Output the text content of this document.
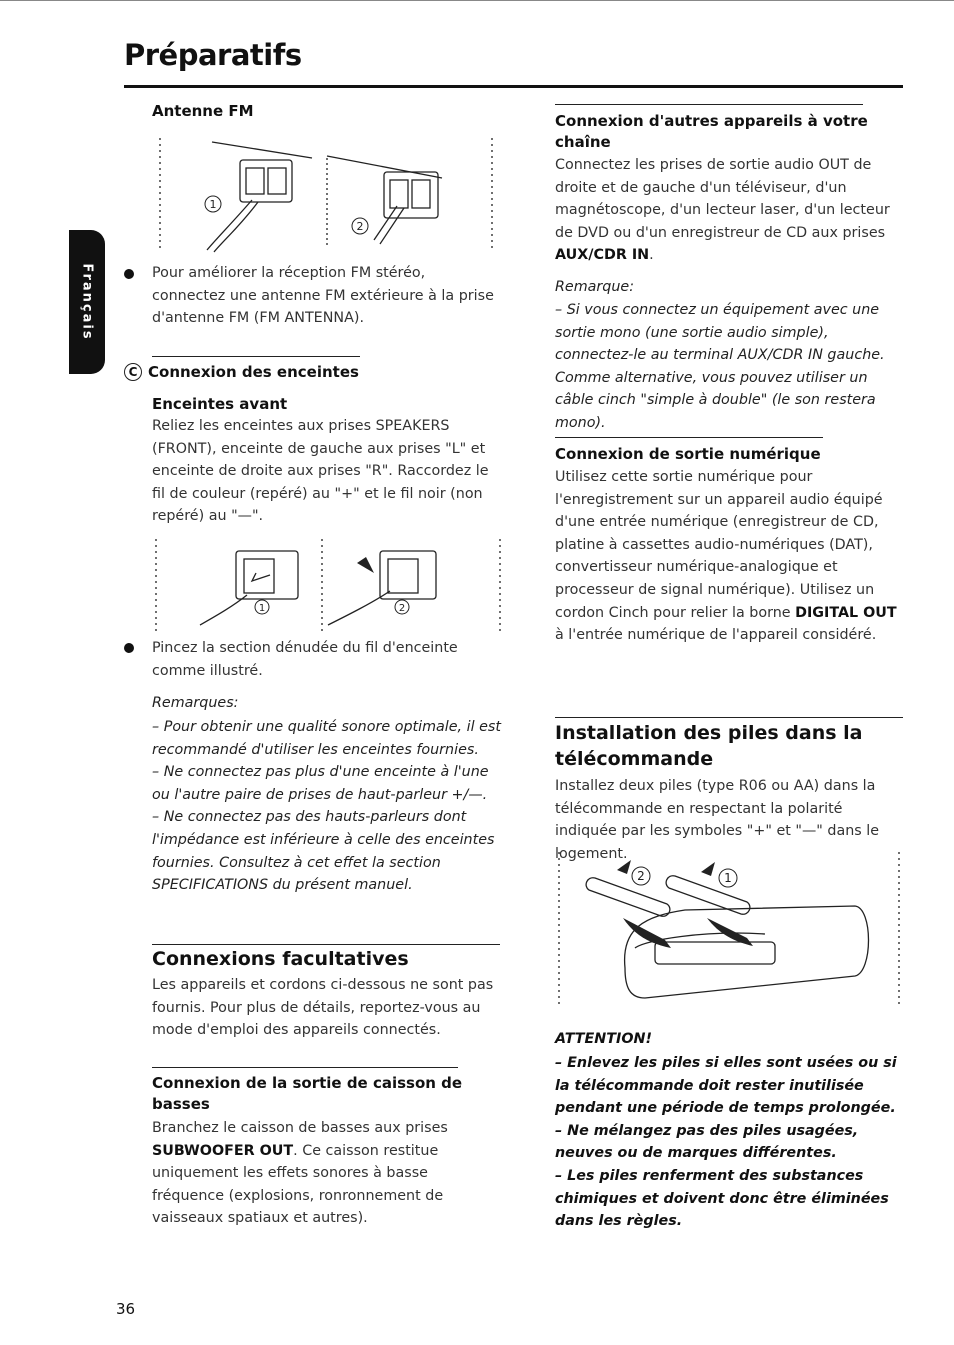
Préparatifs
Français
Antenne FM
1
2
Pour améliorer la réception FM stéréo, connectez une antenne FM extérieure à la prise d'antenne FM (FM ANTENNA).
C Connexion des enceintes
Enceintes avant
Reliez les enceintes aux prises SPEAKERS (FRONT), enceinte de gauche aux prises "L" et enceinte de droite aux prises "R". Raccordez le fil de couleur (repéré) au "+" et le fil noir (non repéré) au "—".
1	2
Pincez la section dénudée du fil d'enceinte comme illustré.
Remarques:

– Pour obtenir une qualité sonore optimale, il est recommandé d'utiliser les enceintes fournies.

– Ne connectez pas plus d'une enceinte à l'une ou l'autre paire de prises de haut-parleur +/—.

– Ne connectez pas des hauts-parleurs dont l'impédance est inférieure à celle des enceintes fournies. Consultez à cet effet la section SPECIFICATIONS du présent manuel.

Connexions facultatives
Les appareils et cordons ci-dessous ne sont pas fournis. Pour plus de détails, reportez-vous au mode d'emploi des appareils connectés.
Connexion de la sortie de caisson de basses
Branchez le caisson de basses aux prises SUBWOOFER OUT. Ce caisson restitue uniquement les effets sonores à basse fréquence (explosions, ronronnement de vaisseaux spatiaux et autres).
Connexion d'autres appareils à votre chaîne
Connectez les prises de sortie audio OUT de droite et de gauche d'un téléviseur, d'un magnétoscope, d'un lecteur laser, d'un lecteur de DVD ou d'un enregistreur de CD aux prises AUX/CDR IN.
Remarque:
– Si vous connectez un équipement avec une sortie mono (une sortie audio simple), connectez-le au terminal AUX/CDR IN gauche. Comme alternative, vous pouvez utiliser un câble cinch "simple à double" (le son restera mono).
Connexion de sortie numérique
Utilisez cette sortie numérique pour l'enregistrement sur un appareil audio équipé d'une entrée numérique (enregistreur de CD, platine à cassettes audio-numériques (DAT), convertisseur numérique-analogique et processeur de signal numérique). Utilisez un cordon Cinch pour relier la borne DIGITAL OUT à l'entrée numérique de l'appareil considéré.
Installation des piles dans la télécommande
Installez deux piles (type R06 ou AA) dans la télécommande en respectant la polarité indiquée par les symboles "+" et "—" dans le logement.
2	1
ATTENTION!

– Enlevez les piles si elles sont usées ou si la télécommande doit rester inutilisée pendant une période de temps prolongée.

– Ne mélangez pas des piles usagées, neuves ou de marques différentes.

– Les piles renferment des substances chimiques et doivent donc être éliminées dans les règles.

36
